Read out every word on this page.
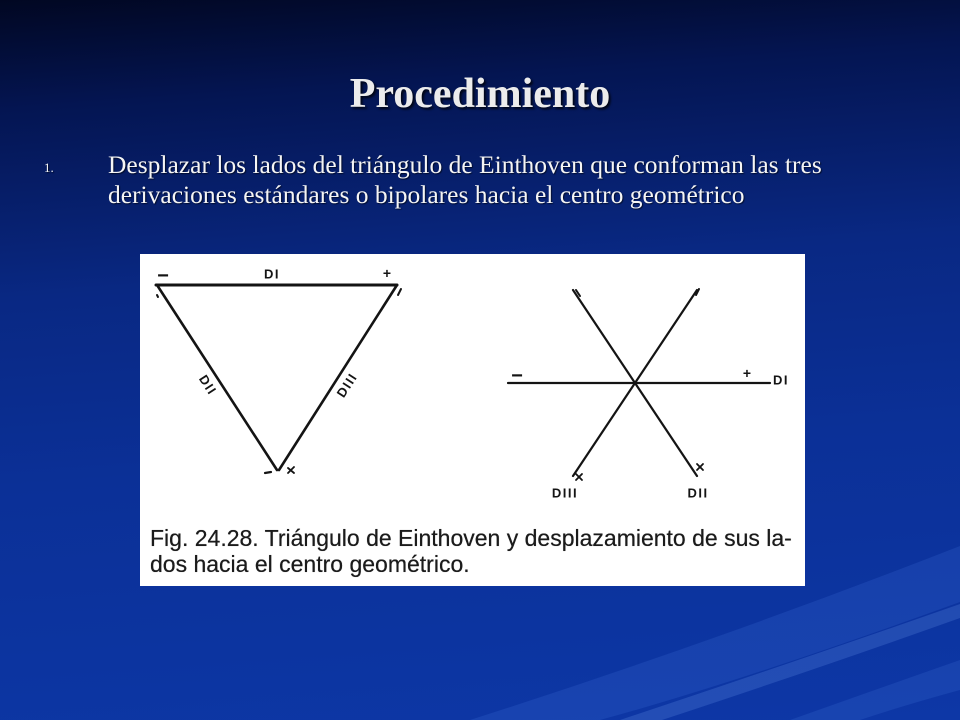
Procedimiento
1. Desplazar los lados del triángulo de Einthoven que conforman las tres derivaciones estándares o bipolares hacia el centro geométrico

−	DI	+
DII	DIII	−	+ DI
DIII	DII
Fig. 24.28. Triángulo de Einthoven y desplazamiento de sus la-
dos hacia el centro geométrico.
